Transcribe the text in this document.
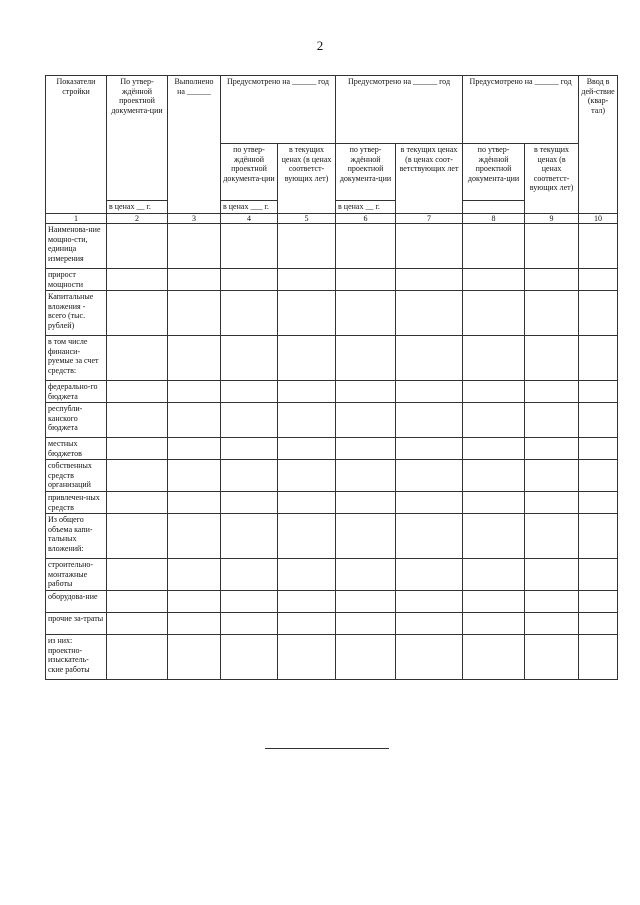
2
Показатели стройки	По утвер-ждённой проектной документа-ции	Выполнено на ______	Предусмотрено на ______ год		Предусмотрено на ______ год		Предусмотрено на ______ год		Ввод в дей-ствие (квар-тал)
			по утвер-ждённой проектной документа-ции	в текущих ценах (в ценах соответст-вующих лет)	по утвер-ждённой проектной документа-ции	в текущих ценах (в ценах соот-ветствующих лет	по утвер-ждённой проектной документа-ции	в текущих ценах (в ценах соответст-вующих лет)	

	в ценах __ г.		в ценах ___ г.		в ценах __ г.				
1	2	3	4	5	6	7	8	9	10
Наименова-ние мощно-сти, единица измерения									
прирост мощности									
Капитальные вложения - всего (тыс. рублей)									
в том числе финанси-руемые за счет средств:									
федерально-го бюджета									
республи-канского бюджета									
местных бюджетов									
собственных средств организаций									
привлечен-ных средств									
Из общего объема капи-тальных вложений:									
строительно-монтажные работы									
оборудова-ние									
прочие за-траты									
из них: проектно-изыскатель-ские работы									
